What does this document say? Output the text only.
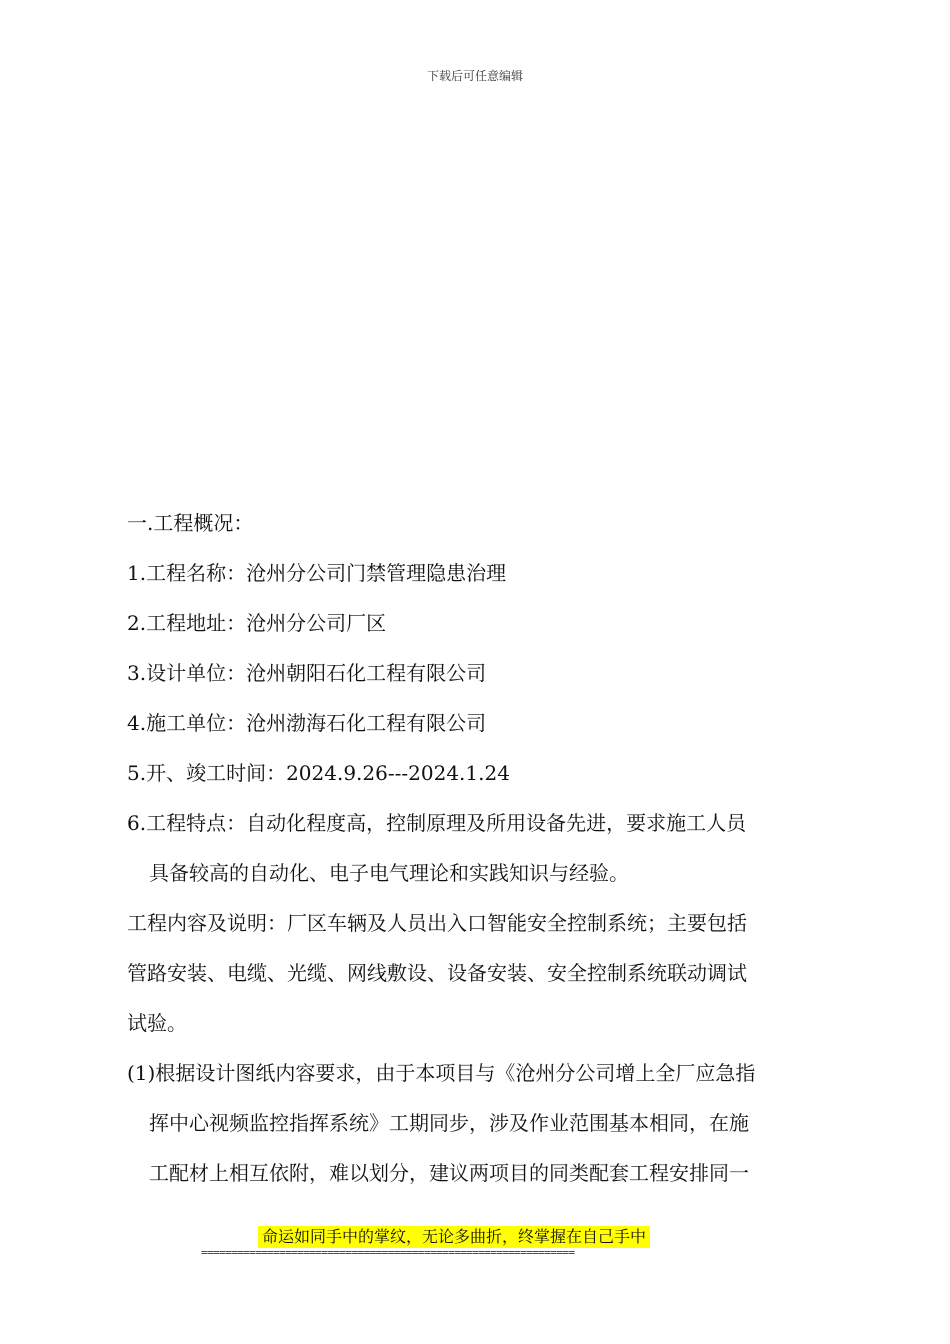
下载后可任意编辑
一.工程概况：
1.工程名称：沧州分公司门禁管理隐患治理
2.工程地址：沧州分公司厂区
3.设计单位：沧州朝阳石化工程有限公司
4.施工单位：沧州渤海石化工程有限公司
5.开、竣工时间：2024.9.26---2024.1.24
6.工程特点：自动化程度高，控制原理及所用设备先进，要求施工人员
具备较高的自动化、电子电气理论和实践知识与经验。
工程内容及说明：厂区车辆及人员出入口智能安全控制系统；主要包括
管路安装、电缆、光缆、网线敷设、设备安装、安全控制系统联动调试
试验。
(1)根据设计图纸内容要求，由于本项目与《沧州分公司增上全厂应急指
挥中心视频监控指挥系统》工期同步，涉及作业范围基本相同，在施
工配材上相互依附，难以划分，建议两项目的同类配套工程安排同一
命运如同手中的掌纹，无论多曲折，终掌握在自己手中
==============================================================
